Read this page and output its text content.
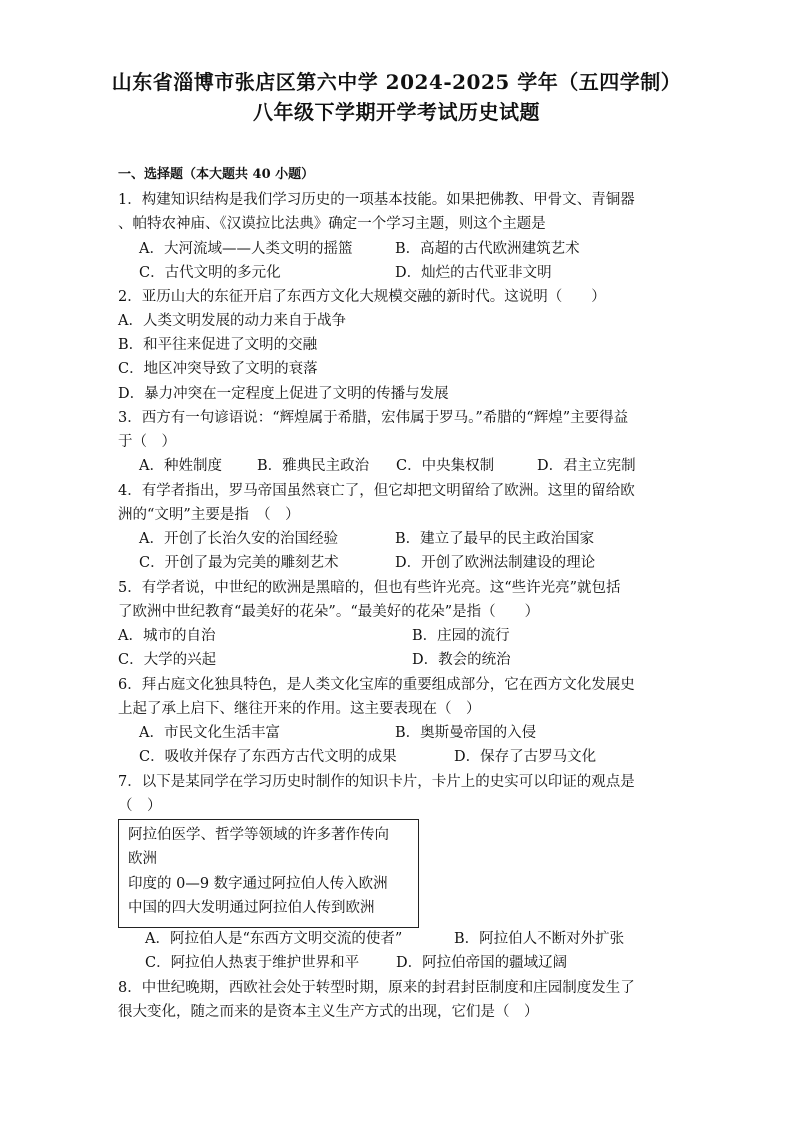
山东省淄博市张店区第六中学 2024-2025 学年（五四学制）
八年级下学期开学考试历史试题
一、选择题（本大题共 40 小题）
1．构建知识结构是我们学习历史的一项基本技能。如果把佛教、甲骨文、青铜器
、帕特农神庙、《汉谟拉比法典》确定一个学习主题，则这个主题是
A．大河流域——人类文明的摇篮	B．高超的古代欧洲建筑艺术
C．古代文明的多元化	D．灿烂的古代亚非文明
2．亚历山大的东征开启了东西方文化大规模交融的新时代。这说明（　　）
A．人类文明发展的动力来自于战争
B．和平往来促进了文明的交融
C．地区冲突导致了文明的衰落
D．暴力冲突在一定程度上促进了文明的传播与发展
3．西方有一句谚语说：“辉煌属于希腊，宏伟属于罗马。”希腊的“辉煌”主要得益
于（　）
A．种姓制度 B．雅典民主政治 C．中央集权制	D．君主立宪制
4．有学者指出，罗马帝国虽然衰亡了，但它却把文明留给了欧洲。这里的留给欧
洲的“文明”主要是指　（　）
A．开创了长治久安的治国经验	B．建立了最早的民主政治国家
C．开创了最为完美的雕刻艺术	D．开创了欧洲法制建设的理论
5．有学者说，中世纪的欧洲是黑暗的，但也有些许光亮。这“些许光亮”就包括
了欧洲中世纪教育“最美好的花朵”。“最美好的花朵”是指（　　）
A．城市的自治	B．庄园的流行
C．大学的兴起	D．教会的统治
6．拜占庭文化独具特色，是人类文化宝库的重要组成部分，它在西方文化发展史
上起了承上启下、继往开来的作用。这主要表现在（　）
A．市民文化生活丰富	B．奥斯曼帝国的入侵
C．吸收并保存了东西方古代文明的成果	D．保存了古罗马文化
7．以下是某同学在学习历史时制作的知识卡片，卡片上的史实可以印证的观点是
（　）
阿拉伯医学、哲学等领域的许多著作传向
欧洲
印度的 0—9 数字通过阿拉伯人传入欧洲
中国的四大发明通过阿拉伯人传到欧洲
A．阿拉伯人是“东西方文明交流的使者”	B．阿拉伯人不断对外扩张
C．阿拉伯人热衷于维护世界和平	D．阿拉伯帝国的疆域辽阔
8．中世纪晚期，西欧社会处于转型时期，原来的封君封臣制度和庄园制度发生了
很大变化，随之而来的是资本主义生产方式的出现，它们是（　）
